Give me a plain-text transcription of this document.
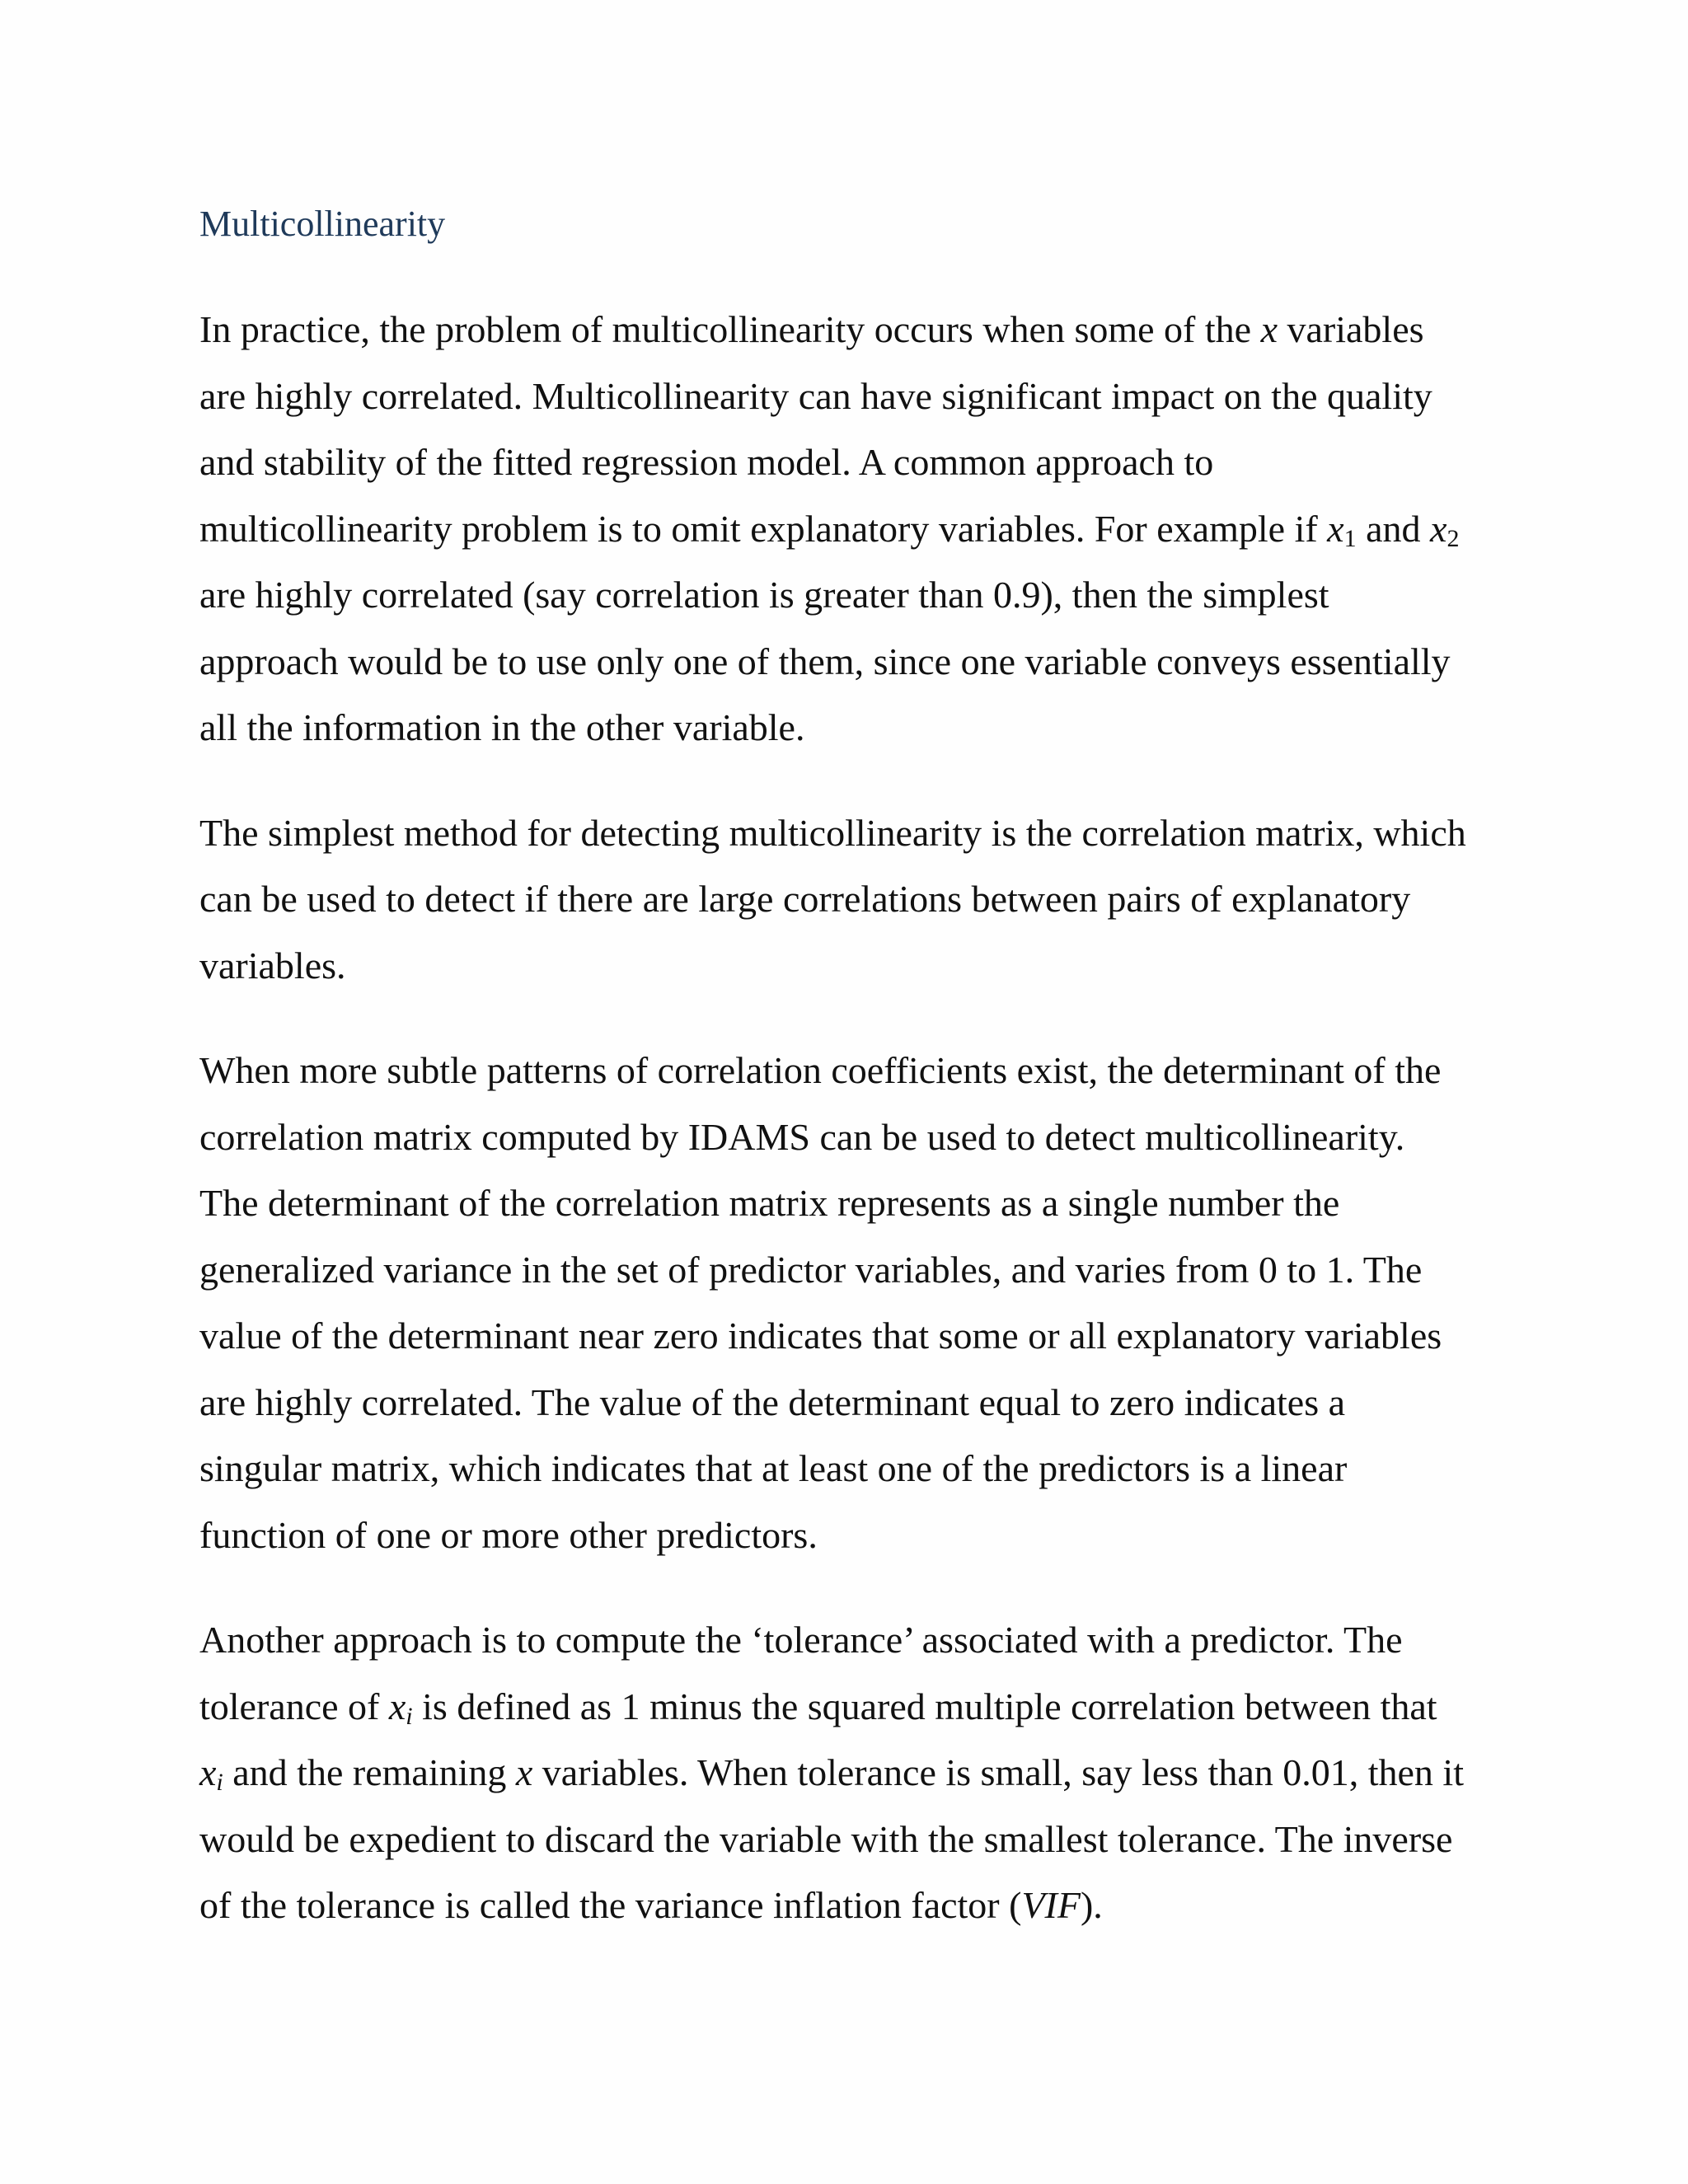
Multicollinearity

In practice, the problem of multicollinearity occurs when some of the x variables
are highly correlated. Multicollinearity can have significant impact on the quality
and stability of the fitted regression model. A common approach to
multicollinearity problem is to omit explanatory variables. For example if $x_1$ and $x_2$
are highly correlated (say correlation is greater than 0.9), then the simplest
approach would be to use only one of them, since one variable conveys essentially
all the information in the other variable.

The simplest method for detecting multicollinearity is the correlation matrix, which
can be used to detect if there are large correlations between pairs of explanatory
variables.

When more subtle patterns of correlation coefficients exist, the determinant of the
correlation matrix computed by IDAMS can be used to detect multicollinearity.
The determinant of the correlation matrix represents as a single number the
generalized variance in the set of predictor variables, and varies from 0 to 1. The
value of the determinant near zero indicates that some or all explanatory variables
are highly correlated. The value of the determinant equal to zero indicates a
singular matrix, which indicates that at least one of the predictors is a linear
function of one or more other predictors.

Another approach is to compute the ‘tolerance’ associated with a predictor. The
tolerance of $x_i$ is defined as 1 minus the squared multiple correlation between that
$x_i$ and the remaining x variables. When tolerance is small, say less than 0.01, then it
would be expedient to discard the variable with the smallest tolerance. The inverse
of the tolerance is called the variance inflation factor (VIF).
